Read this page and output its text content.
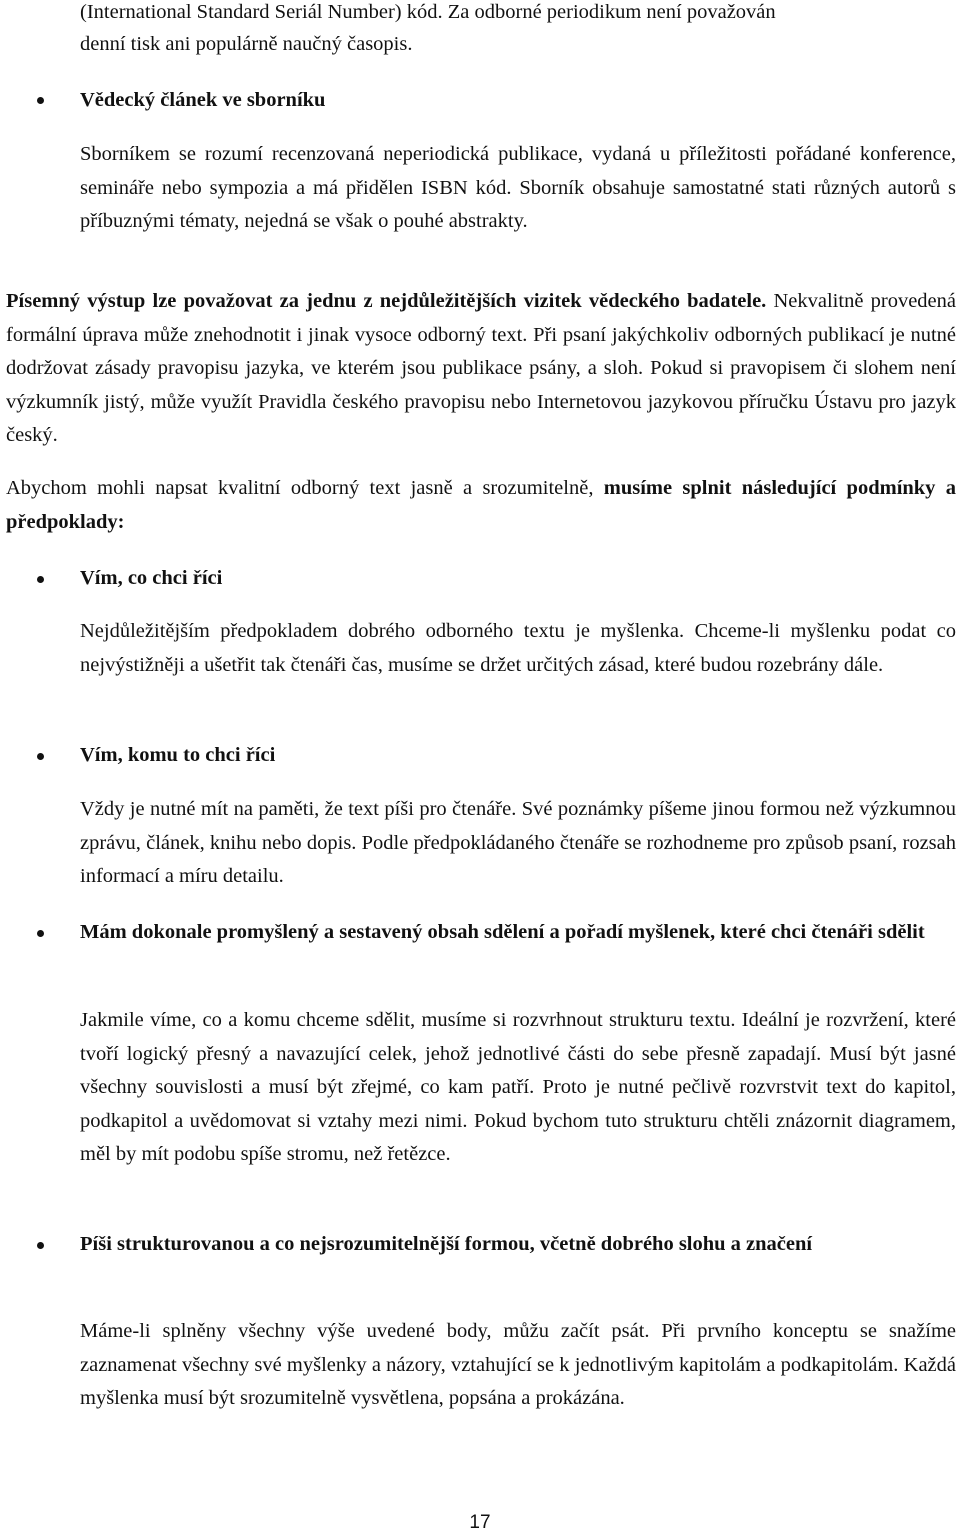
(International Standard Seriál Number) kód. Za odborné periodikum není považován

denní tisk ani populárně naučný časopis.

Vědecký článek ve sborníku

Sborníkem se rozumí recenzovaná neperiodická publikace, vydaná u příležitosti pořádané konference, semináře nebo sympozia a má přidělen ISBN kód. Sborník obsahuje samostatné stati různých autorů s příbuznými tématy, nejedná se však o pouhé abstrakty.

Písemný výstup lze považovat za jednu z nejdůležitějších vizitek vědeckého badatele. Nekvalitně provedená formální úprava může znehodnotit i jinak vysoce odborný text. Při psaní jakýchkoliv odborných publikací je nutné dodržovat zásady pravopisu jazyka, ve kterém jsou publikace psány, a sloh. Pokud si pravopisem či slohem není výzkumník jistý, může využít Pravidla českého pravopisu nebo Internetovou jazykovou příručku Ústavu pro jazyk český.

Abychom mohli napsat kvalitní odborný text jasně a srozumitelně, musíme splnit následující podmínky a předpoklady:

Vím, co chci říci

Nejdůležitějším předpokladem dobrého odborného textu je myšlenka. Chceme-li myšlenku podat co nejvýstižněji a ušetřit tak čtenáři čas, musíme se držet určitých zásad, které budou rozebrány dále.

Vím, komu to chci říci

Vždy je nutné mít na paměti, že text píši pro čtenáře. Své poznámky píšeme jinou formou než výzkumnou zprávu, článek, knihu nebo dopis. Podle předpokládaného čtenáře se rozhodneme pro způsob psaní, rozsah informací a míru detailu.

Mám dokonale promyšlený a sestavený obsah sdělení a pořadí myšlenek, které chci čtenáři sdělit

Jakmile víme, co a komu chceme sdělit, musíme si rozvrhnout strukturu textu. Ideální je rozvržení, které tvoří logický přesný a navazující celek, jehož jednotlivé části do sebe přesně zapadají. Musí být jasné všechny souvislosti a musí být zřejmé, co kam patří. Proto je nutné pečlivě rozvrstvit text do kapitol, podkapitol a uvědomovat si vztahy mezi nimi. Pokud bychom tuto strukturu chtěli znázornit diagramem, měl by mít podobu spíše stromu, než řetězce.

Píši strukturovanou a co nejsrozumitelnější formou, včetně dobrého slohu a značení

Máme-li splněny všechny výše uvedené body, můžu začít psát. Při prvního konceptu se snažíme zaznamenat všechny své myšlenky a názory, vztahující se k jednotlivým kapitolám a podkapitolám. Každá myšlenka musí být srozumitelně vysvětlena, popsána a prokázána.

17
